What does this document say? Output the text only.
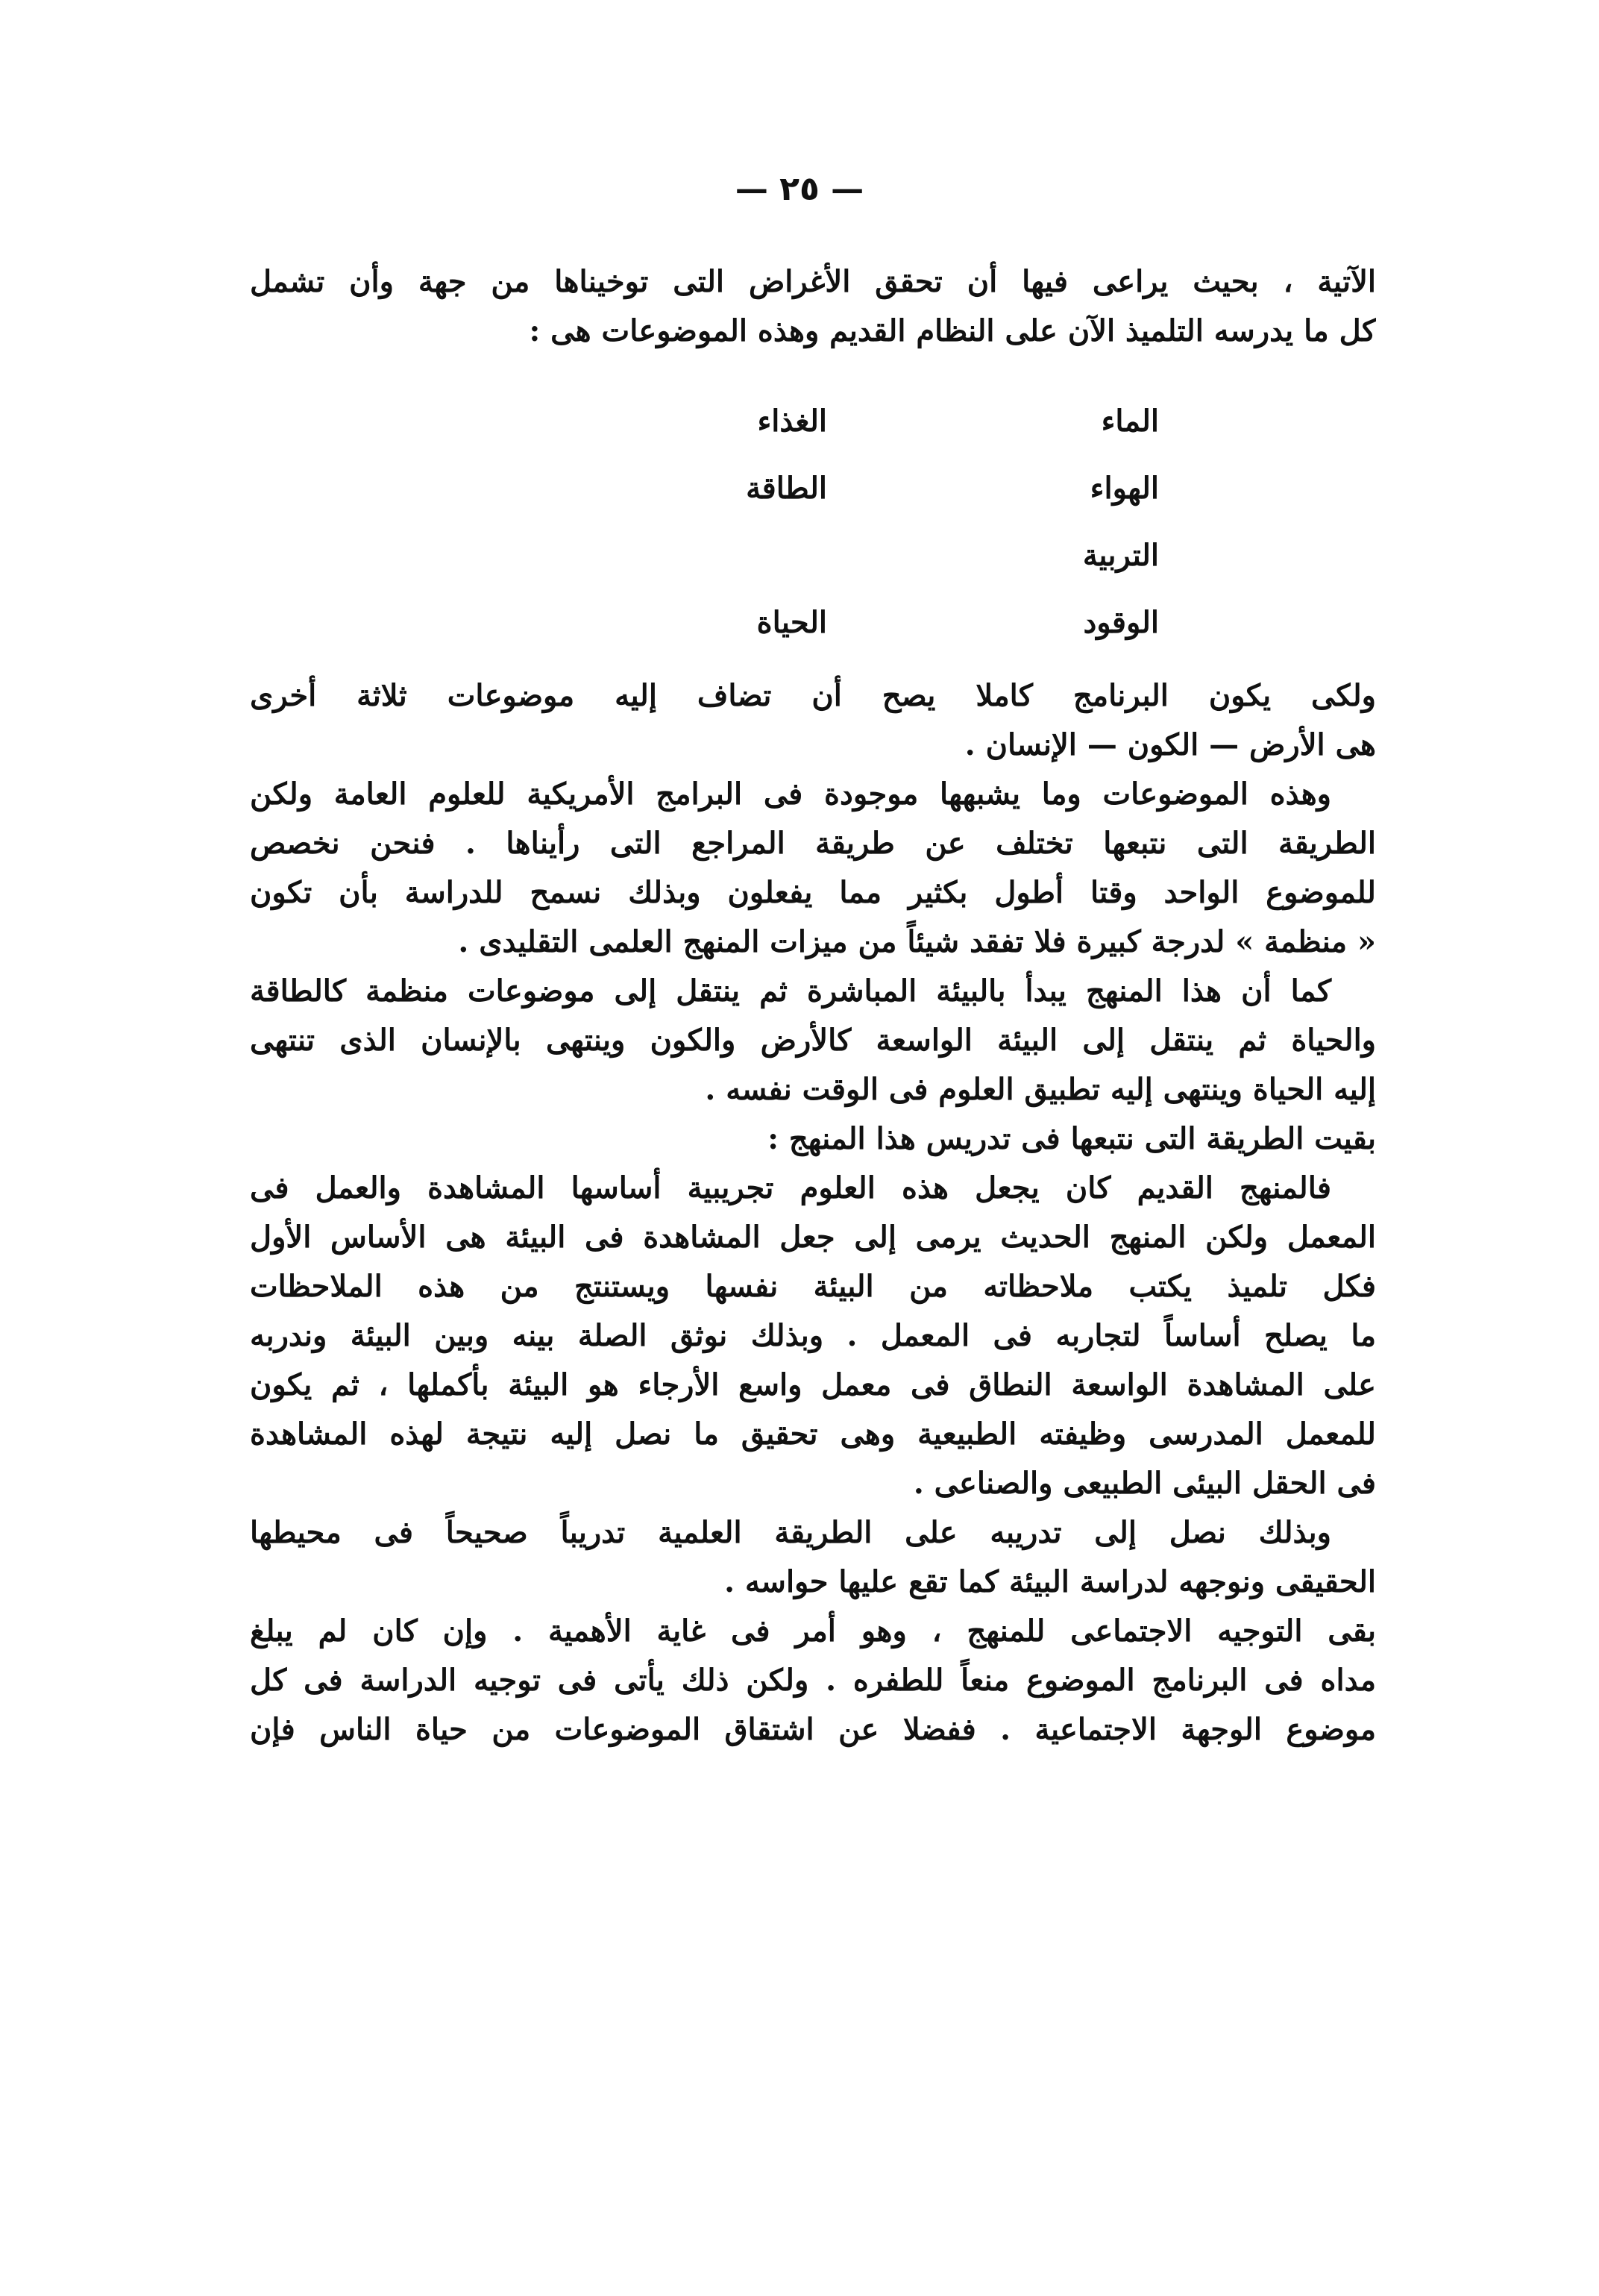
— ٢٥ —
الآتية ، بحيث يراعى فيها أن تحقق الأغراض التى توخيناها من جهة وأن تشمل
كل ما يدرسه التلميذ الآن على النظام القديم وهذه الموضوعات هى :
الماء
الغذاء
الهواء
الطاقة
التربية
الوقود
الحياة
ولكى يكون البرنامج كاملا يصح أن تضاف إليه موضوعات ثلاثة أخرى
هى الأرض — الكون — الإنسان .
وهذه الموضوعات وما يشبهها موجودة فى البرامج الأمريكية للعلوم العامة ولكن
الطريقة التى نتبعها تختلف عن طريقة المراجع التى رأيناها . فنحن نخصص
للموضوع الواحد وقتا أطول بكثير مما يفعلون وبذلك نسمح للدراسة بأن تكون
« منظمة » لدرجة كبيرة فلا تفقد شيئاً من ميزات المنهج العلمى التقليدى .
كما أن هذا المنهج يبدأ بالبيئة المباشرة ثم ينتقل إلى موضوعات منظمة كالطاقة
والحياة ثم ينتقل إلى البيئة الواسعة كالأرض والكون وينتهى بالإنسان الذى تنتهى
إليه الحياة وينتهى إليه تطبيق العلوم فى الوقت نفسه .
بقيت الطريقة التى نتبعها فى تدريس هذا المنهج :
فالمنهج القديم كان يجعل هذه العلوم تجريبية أساسها المشاهدة والعمل فى
المعمل ولكن المنهج الحديث يرمى إلى جعل المشاهدة فى البيئة هى الأساس الأول
فكل تلميذ يكتب ملاحظاته من البيئة نفسها ويستنتج من هذه الملاحظات
ما يصلح أساساً لتجاربه فى المعمل . وبذلك نوثق الصلة بينه وبين البيئة وندربه
على المشاهدة الواسعة النطاق فى معمل واسع الأرجاء هو البيئة بأكملها ، ثم يكون
للمعمل المدرسى وظيفته الطبيعية وهى تحقيق ما نصل إليه نتيجة لهذه المشاهدة
فى الحقل البيئى الطبيعى والصناعى .
وبذلك نصل إلى تدريبه على الطريقة العلمية تدريباً صحيحاً فى محيطها
الحقيقى ونوجهه لدراسة البيئة كما تقع عليها حواسه .
بقى التوجيه الاجتماعى للمنهج ، وهو أمر فى غاية الأهمية . وإن كان لم يبلغ
مداه فى البرنامج الموضوع منعاً للطفره . ولكن ذلك يأتى فى توجيه الدراسة فى كل
موضوع الوجهة الاجتماعية . ففضلا عن اشتقاق الموضوعات من حياة الناس فإن
